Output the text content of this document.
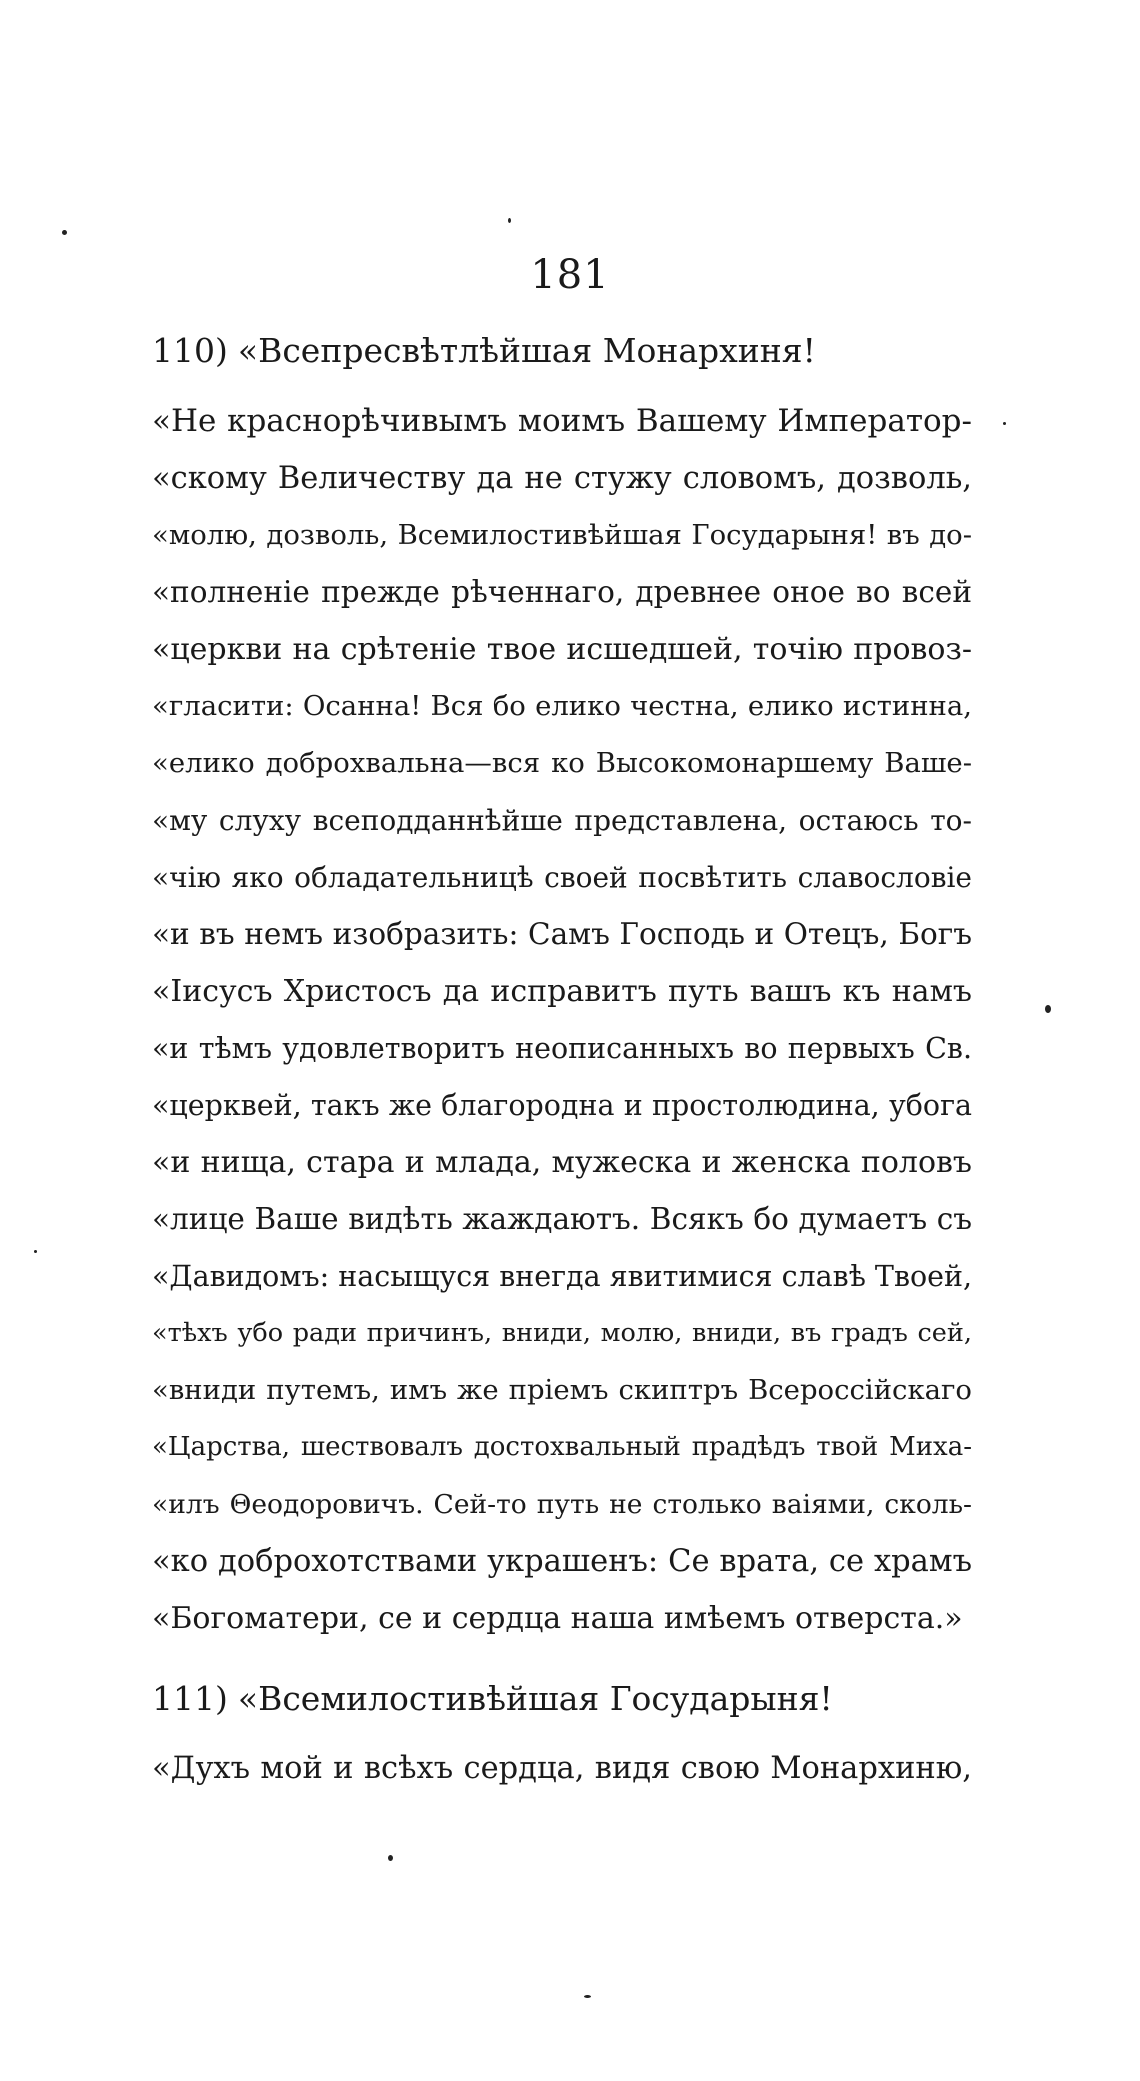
181
110) «Всепресвѣтлѣйшая Монархиня!
«Не краснорѣчивымъ моимъ Вашему Император-
«скому Величеству да не стужу словомъ, дозволь,
«молю, дозволь, Всемилостивѣйшая Государыня! въ до-
«полненіе прежде рѣченнаго, древнее оное во всей
«церкви на срѣтеніе твое исшедшей, точію провоз-
«гласити: Осанна! Вся бо елико честна, елико истинна,
«елико доброхвальна—вся ко Высокомонаршему Ваше-
«му слуху всеподданнѣйше представлена, остаюсь то-
«чію яко обладательницѣ своей посвѣтить славословіе
«и въ немъ изобразить: Самъ Господь и Отецъ, Богъ
«Іисусъ Христосъ да исправитъ путь вашъ къ намъ
«и тѣмъ удовлетворитъ неописанныхъ во первыхъ Св.
«церквей, такъ же благородна и простолюдина, убога
«и нища, стара и млада, мужеска и женска половъ
«лице Ваше видѣть жаждаютъ. Всякъ бо думаетъ съ
«Давидомъ: насыщуся внегда явитимися славѣ Твоей,
«тѣхъ убо ради причинъ, вниди, молю, вниди, въ градъ сей,
«вниди путемъ, имъ же пріемъ скиптръ Всероссійскаго
«Царства, шествовалъ достохвальный прадѣдъ твой Миха-
«илъ Θеодоровичъ. Сей-то путь не столько ваіями, сколь-
«ко доброхотствами украшенъ: Се врата, се храмъ
«Богоматери, се и сердца наша имѣемъ отверста.»
111) «Всемилостивѣйшая Государыня!
«Духъ мой и всѣхъ сердца, видя свою Монархиню,
